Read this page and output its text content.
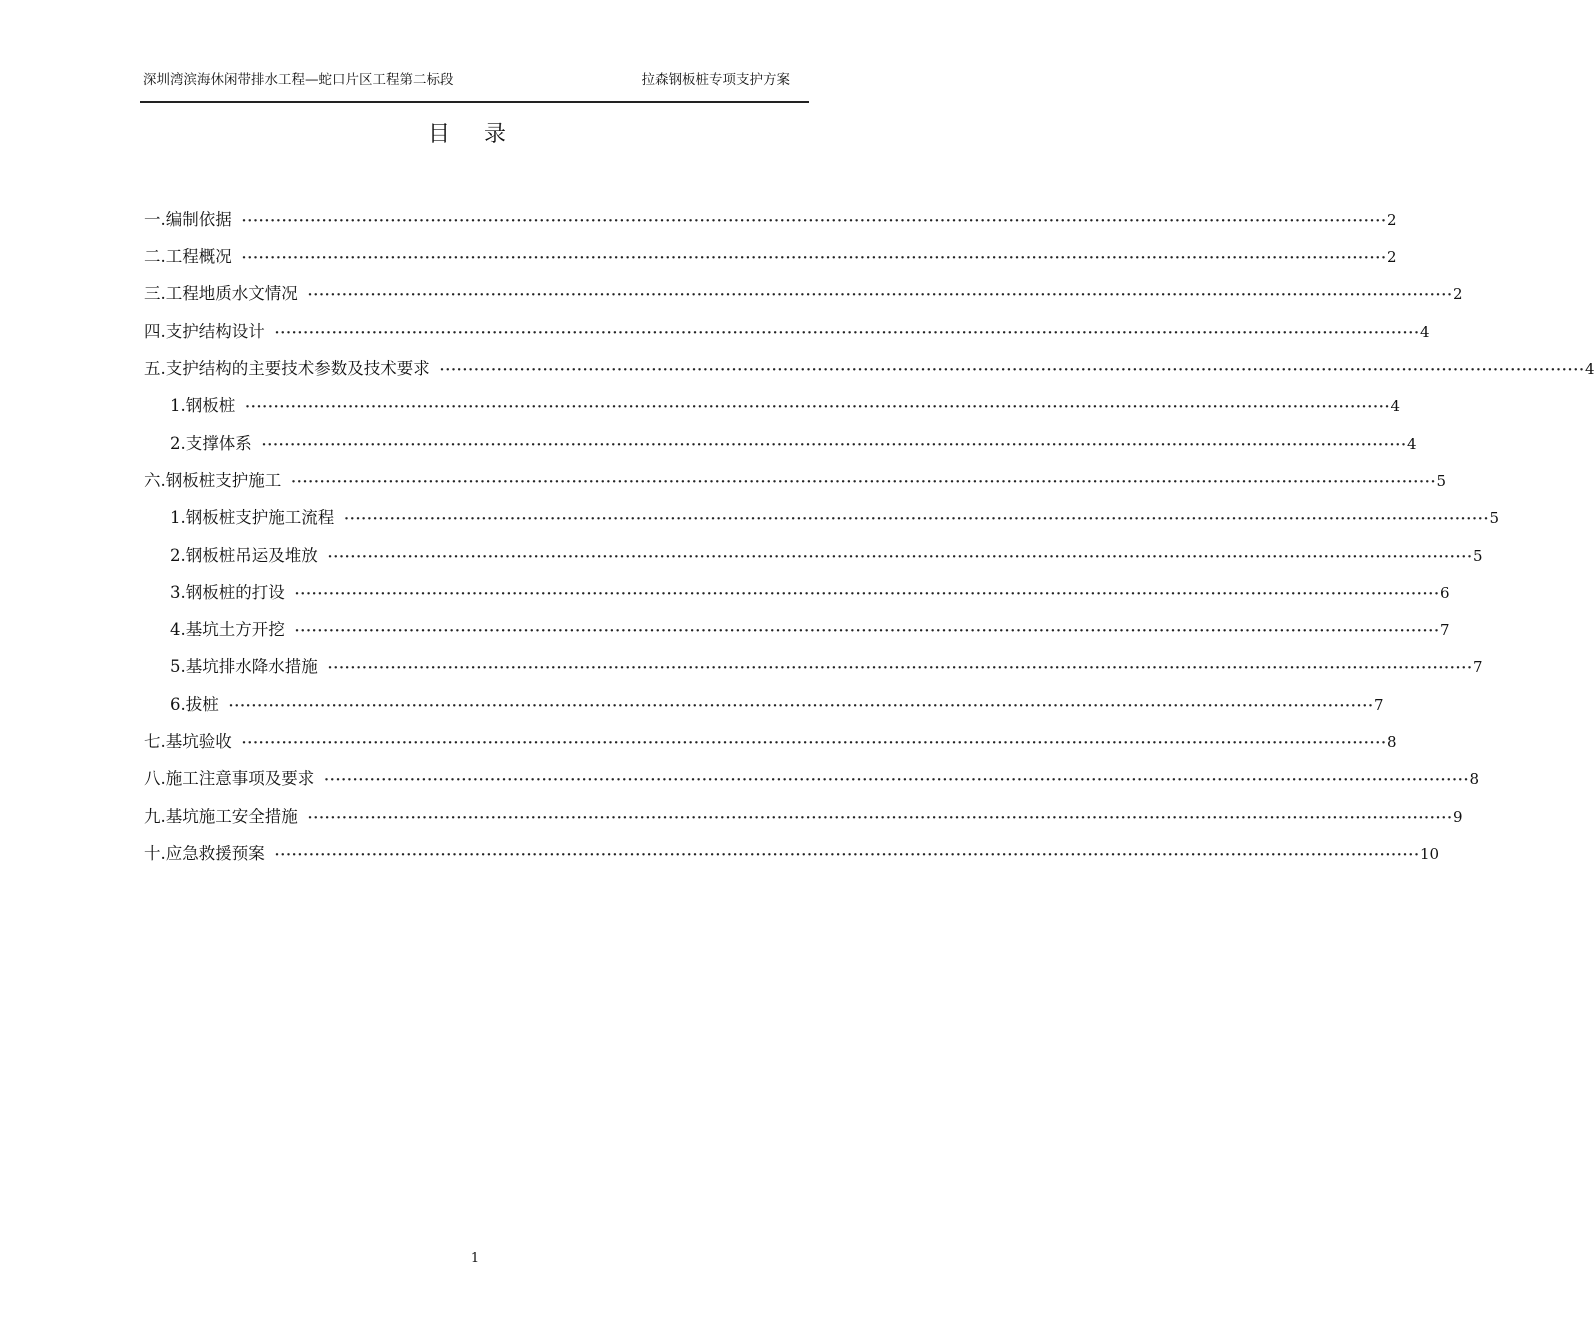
深圳湾滨海休闲带排水工程—蛇口片区工程第二标段	拉森钢板桩专项支护方案
目录
一.编制依据 ········································································································································································································ 2
二.工程概况 ········································································································································································································ 2
三.工程地质水文情况 ········································································································································································································ 2
四.支护结构设计 ········································································································································································································ 4
五.支护结构的主要技术参数及技术要求 ········································································································································································································ 4
1.钢板桩 ········································································································································································································ 4
2.支撑体系 ········································································································································································································ 4
六.钢板桩支护施工 ········································································································································································································ 5
1.钢板桩支护施工流程 ········································································································································································································ 5
2.钢板桩吊运及堆放 ········································································································································································································ 5
3.钢板桩的打设 ········································································································································································································ 6
4.基坑土方开挖 ········································································································································································································ 7
5.基坑排水降水措施 ········································································································································································································ 7
6.拔桩 ········································································································································································································ 7
七.基坑验收 ········································································································································································································ 8
八.施工注意事项及要求 ········································································································································································································ 8
九.基坑施工安全措施 ········································································································································································································ 9
十.应急救援预案 ········································································································································································································ 10
1
